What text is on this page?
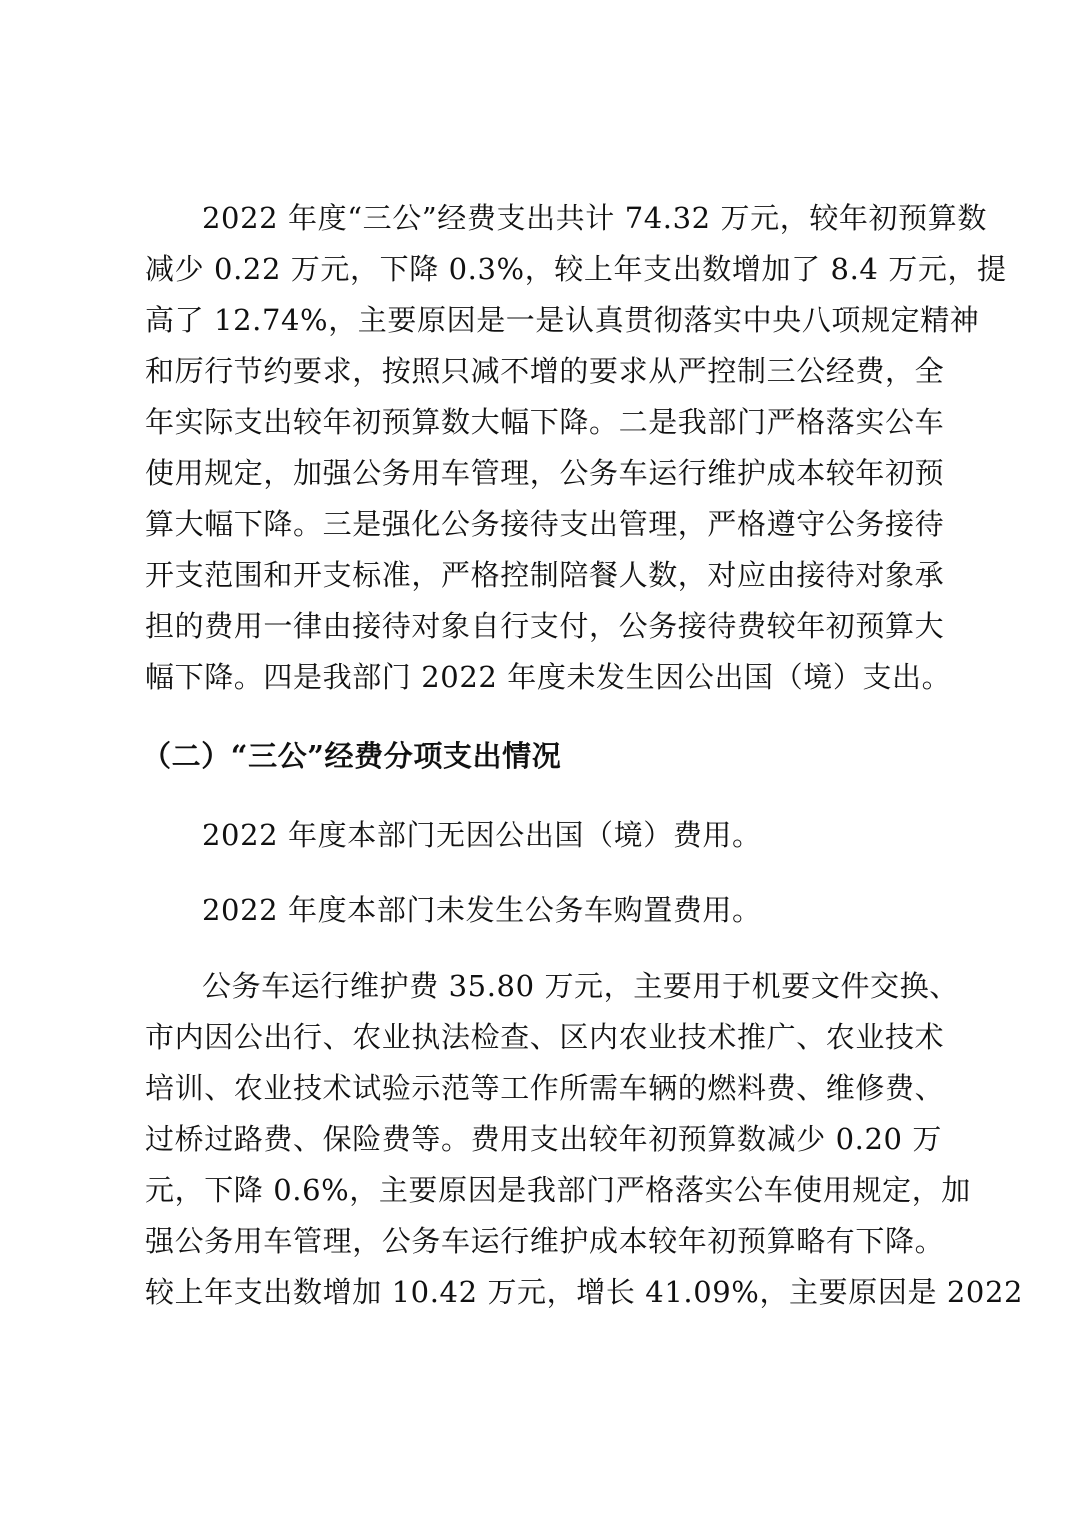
2022 年度“三公”经费支出共计 74.32 万元，较年初预算数
减少 0.22 万元，下降 0.3%，较上年支出数增加了 8.4 万元，提
高了 12.74%，主要原因是一是认真贯彻落实中央八项规定精神
和厉行节约要求，按照只减不增的要求从严控制三公经费，全
年实际支出较年初预算数大幅下降。二是我部门严格落实公车
使用规定，加强公务用车管理，公务车运行维护成本较年初预
算大幅下降。三是强化公务接待支出管理，严格遵守公务接待
开支范围和开支标准，严格控制陪餐人数，对应由接待对象承
担的费用一律由接待对象自行支付，公务接待费较年初预算大
幅下降。四是我部门 2022 年度未发生因公出国（境）支出。
（二）“三公”经费分项支出情况
2022 年度本部门无因公出国（境）费用。
2022 年度本部门未发生公务车购置费用。
公务车运行维护费 35.80 万元，主要用于机要文件交换、
市内因公出行、农业执法检查、区内农业技术推广、农业技术
培训、农业技术试验示范等工作所需车辆的燃料费、维修费、
过桥过路费、保险费等。费用支出较年初预算数减少 0.20 万
元，下降 0.6%，主要原因是我部门严格落实公车使用规定，加
强公务用车管理，公务车运行维护成本较年初预算略有下降。
较上年支出数增加 10.42 万元，增长 41.09%，主要原因是 2022
